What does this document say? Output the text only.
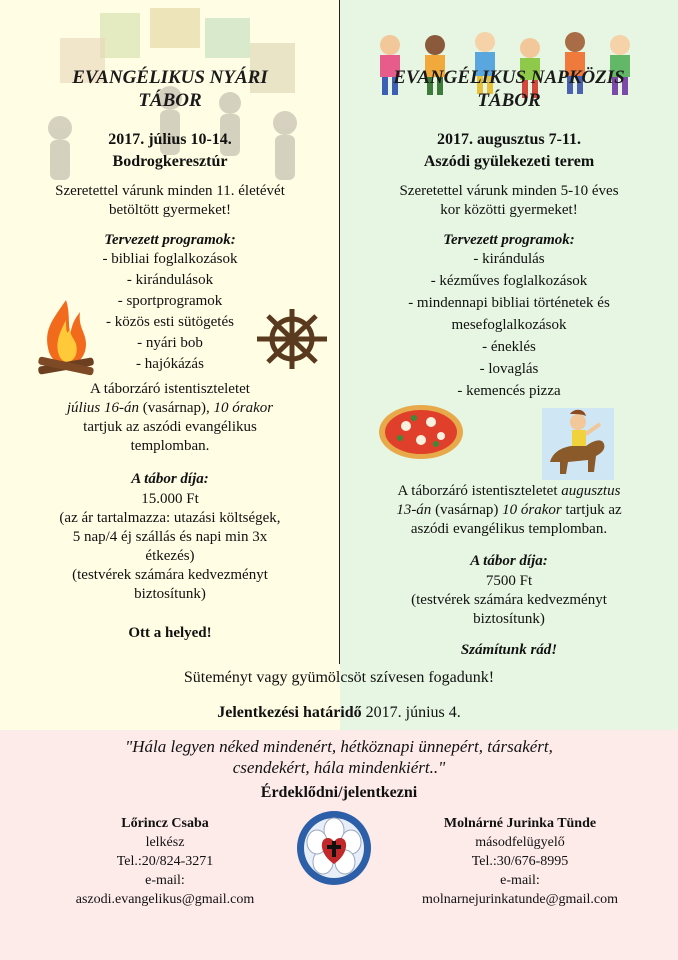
EVANGÉLIKUS NYÁRI
TÁBOR
2017. július 10-14.
Bodrogkeresztúr
Szeretettel várunk minden 11. életévét
betöltött gyermeket!
Tervezett programok:
- bibliai foglalkozások
- kirándulások
- sportprogramok
- közös esti sütögetés
- nyári bob
- hajókázás
A táborzáró istentiszteletet
július 16-án (vasárnap), 10 órakor
tartjuk az aszódi evangélikus
templomban.
A tábor díja:
15.000 Ft
(az ár tartalmazza: utazási költségek,
5 nap/4 éj szállás és napi min 3x
étkezés)
(testvérek számára kedvezményt
biztosítunk)
Ott a helyed!
EVANGÉLIKUS NAPKÖZIS
TÁBOR
2017. augusztus 7-11.
Aszódi gyülekezeti terem
Szeretettel várunk minden 5-10 éves
kor közötti gyermeket!
Tervezett programok:
- kirándulás
- kézműves foglalkozások
- mindennapi bibliai történetek és
mesefoglalkozások
- éneklés
- lovaglás
- kemencés pizza
A táborzáró istentiszteletet augusztus
13-án (vasárnap) 10 órakor tartjuk az
aszódi evangélikus templomban.
A tábor díja:
7500 Ft
(testvérek számára kedvezményt
biztosítunk)
Számítunk rád!
Süteményt vagy gyümölcsöt szívesen fogadunk!
Jelentkezési határidő 2017. június 4.
"Hála legyen néked mindenért, hétköznapi ünnepért, társakért,
csendekért, hála mindenkiért.."
Érdeklődni/jelentkezni
Lőrincz Csaba
lelkész
Tel.:20/824-3271
e-mail:
aszodi.evangelikus@gmail.com
Molnárné Jurinka Tünde
másodfelügyelő
Tel.:30/676-8995
e-mail:
molnarnejurinkatunde@gmail.com
